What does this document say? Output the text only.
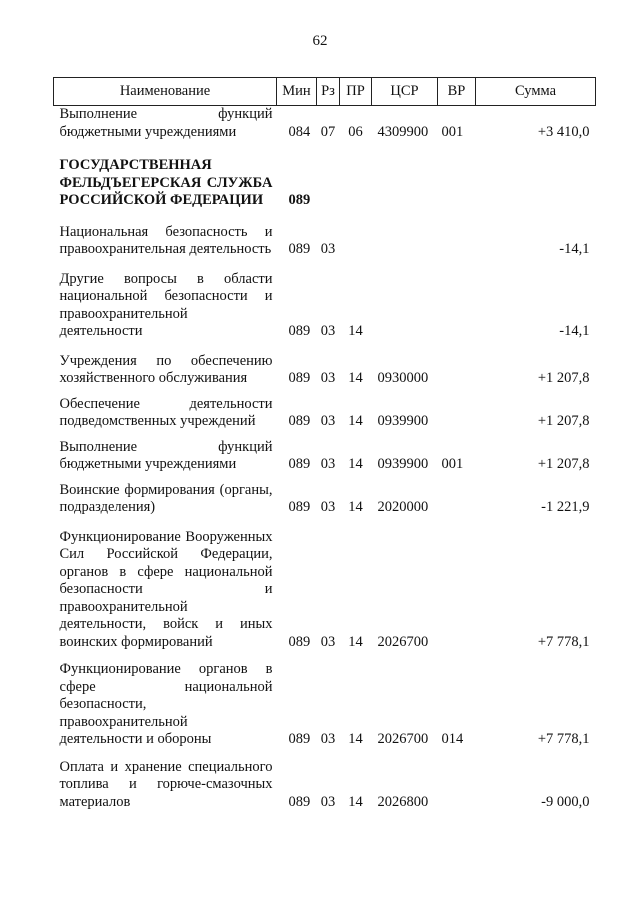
62
Наименование	Мин	Рз	ПР	ЦСР	ВР	Сумма
Выполнение функций бюджетными учреждениями	084	07	06	4309900	001	+3 410,0

ГОСУДАРСТВЕННАЯ ФЕЛЬДЪЕГЕРСКАЯ СЛУЖБА РОССИЙСКОЙ ФЕДЕРАЦИИ	089					

Национальная безопасность и правоохранительная деятельность	089	03				-14,1

Другие вопросы в области национальной безопасности и правоохранительной деятельности	089	03	14			-14,1

Учреждения по обеспечению хозяйственного обслуживания	089	03	14	0930000		+1 207,8

Обеспечение деятельности подведомственных учреждений	089	03	14	0939900		+1 207,8

Выполнение функций бюджетными учреждениями	089	03	14	0939900	001	+1 207,8

Воинские формирования (органы, подразделения)	089	03	14	2020000		-1 221,9

Функционирование Вооруженных Сил Российской Федерации, органов в сфере национальной безопасности и правоохранительной деятельности, войск и иных воинских формирований	089	03	14	2026700		+7 778,1

Функционирование органов в сфере национальной безопасности, правоохранительной деятельности и обороны	089	03	14	2026700	014	+7 778,1

Оплата и хранение специального топлива и горюче-смазочных материалов	089	03	14	2026800		-9 000,0
